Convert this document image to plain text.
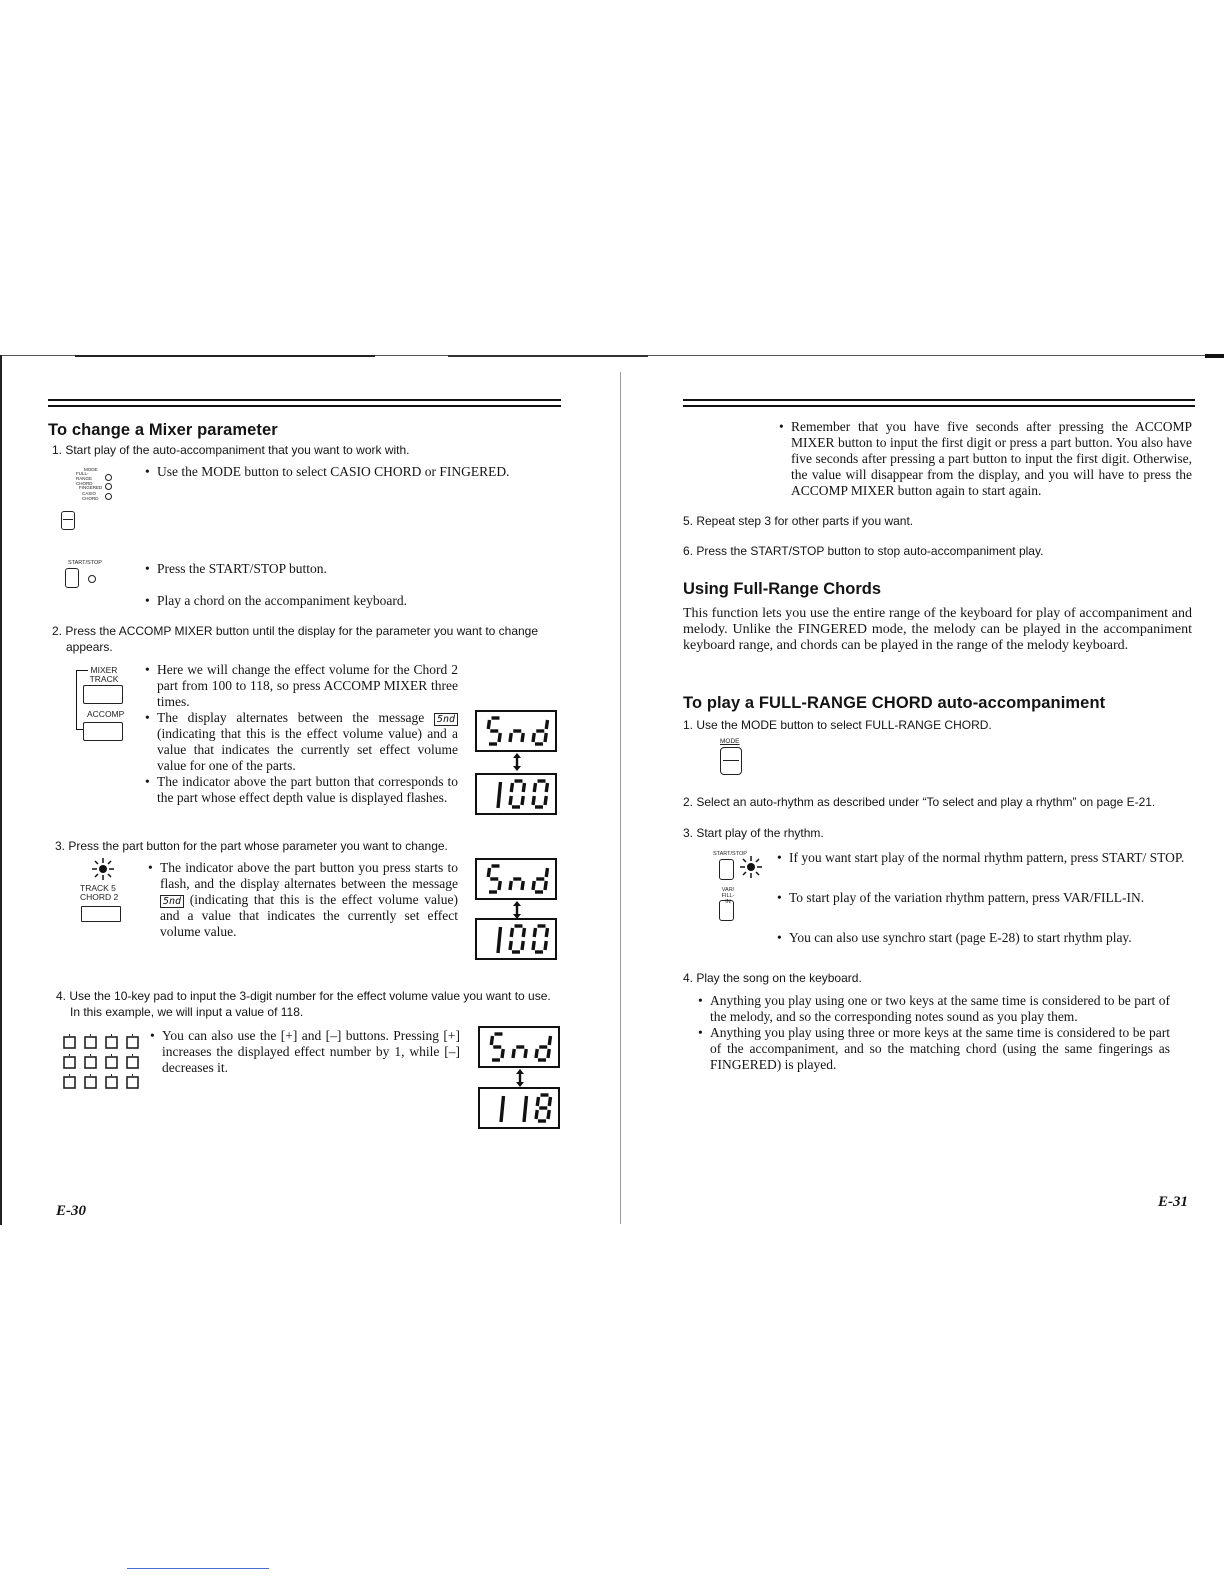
To change a Mixer parameter
1. Start play of the auto-accompaniment that you want to work with.
MODE
FULL-RANGE CHORD
FINGERED
CASIO CHORD
• Use the MODE button to select CASIO CHORD or FINGERED.
START/STOP	• Press the START/STOP button.
• Play a chord on the accompaniment keyboard.
2. Press the ACCOMP MIXER button until the display for the parameter you want to change
appears.
MIXER TRACK
ACCOMP
• Here we will change the effect volume for the Chord 2 part from 100 to 118, so press ACCOMP MIXER three times.
• The display alternates between the message 5nd (indicating that this is the effect volume value) and a value that indicates the currently set effect volume value for one of the parts.
• The indicator above the part button that corresponds to the part whose effect depth value is displayed flashes.
3. Press the part button for the part whose parameter you want to change.
TRACK 5
CHORD 2
• The indicator above the part button you press starts to flash, and the display alternates between the message 5nd (indicating that this is the effect volume value) and a value that indicates the currently set effect volume value.
4. Use the 10-key pad to input the 3-digit number for the effect volume value you want to use.
In this example, we will input a value of 118.
• You can also use the [+] and [–] buttons. Pressing [+] increases the displayed effect number by 1, while [–] decreases it.
E-30
• Remember that you have five seconds after pressing the ACCOMP MIXER button to input the first digit or press a part button. You also have five seconds after pressing a part button to input the first digit. Otherwise, the value will disappear from the display, and you will have to press the ACCOMP MIXER button again to start again.
5. Repeat step 3 for other parts if you want.
6. Press the START/STOP button to stop auto-accompaniment play.
Using Full-Range Chords
This function lets you use the entire range of the keyboard for play of accompaniment and melody. Unlike the FINGERED mode, the melody can be played in the accompaniment keyboard range, and chords can be played in the range of the melody keyboard.
To play a FULL-RANGE CHORD auto-accompaniment
1. Use the MODE button to select FULL-RANGE CHORD.
MODE
2. Select an auto-rhythm as described under “To select and play a rhythm” on page E-21.
3. Start play of the rhythm.
START/STOP
VAR/ FILL-IN
• If you want start play of the normal rhythm pattern, press START/ STOP.
• To start play of the variation rhythm pattern, press VAR/FILL-IN.
• You can also use synchro start (page E-28) to start rhythm play.
4. Play the song on the keyboard.
• Anything you play using one or two keys at the same time is considered to be part of the melody, and so the corresponding notes sound as you play them.
• Anything you play using three or more keys at the same time is considered to be part of the accompaniment, and so the matching chord (using the same fingerings as FINGERED) is played.
E-31
